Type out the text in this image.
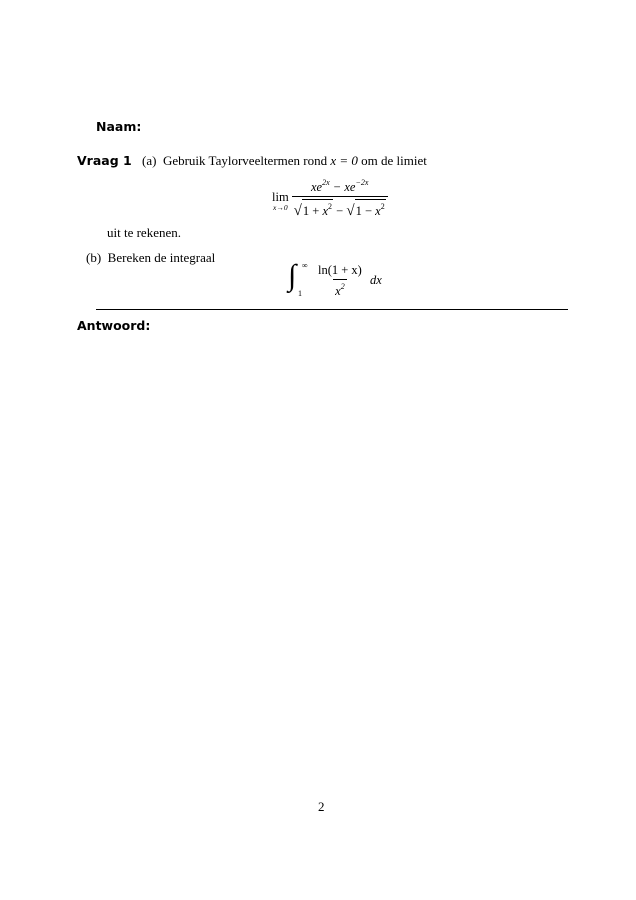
Naam:
Vraag 1 (a) Gebruik Taylorveeltermen rond x = 0 om de limiet
lim
$x\to 0 \frac{xe^{2x} - xe^{-2x}}{√ 1 + x^2 - √ 1 - x^2}$
uit te rekenen.
(b) Bereken de integraal
∫ ∞
$1 \frac{\ln(1 + x)}{x^2}$ dx
Antwoord:
2
